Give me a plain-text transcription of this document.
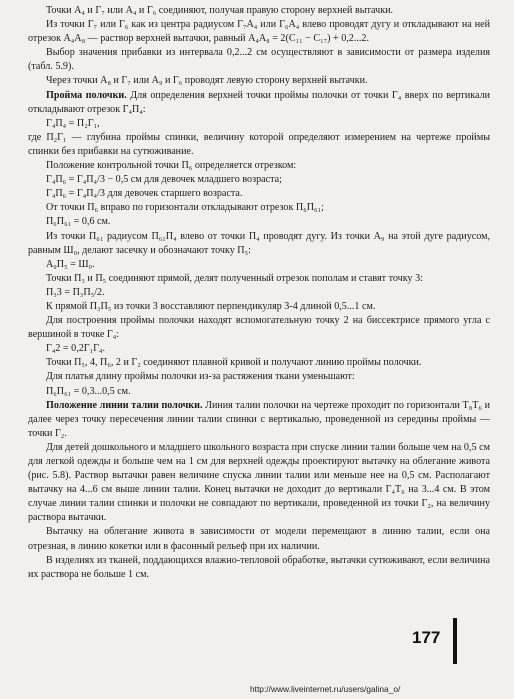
Точки A₄ и Г₇ или A₄ и Г₆ соединяют, получая правую сторону верхней вытачки.

Из точки Г₇ или Г₆ как из центра радиусом Г₇A₄ или Г₆A₄ влево проводят дугу и откладывают на ней отрезок A₄A₈ — раствор верхней вытачки, равный A₄A₈ = 2(C₁₁ − C₁₇) + 0,2...2.

Выбор значения прибавки из интервала 0,2...2 см осуществляют в зависимости от размера изделия (табл. 5.9).

Через точки A₈ и Г₇ или A₉ и Г₆ проводят левую сторону верхней вытачки.

Пройма полочки. Для определения верхней точки проймы полочки от точки Г₄ вверх по вертикали откладывают отрезок Г₄П₄:

Г₄П₄ = П₂Г₁,

где П₂Г₁ — глубина проймы спинки, величину которой определяют измерением на чертеже проймы спинки без прибавки на сутюживание.

Положение контрольной точки П₆ определяется отрезком:

Г₄П₆ = Г₄П₄/3 − 0,5 см для девочек младшего возраста;

Г₄П₆ = Г₄П₄/3 для девочек старшего возраста.

От точки П₆ вправо по горизонтали откладывают отрезок П₆П₆₁;

П₆П₆₁ = 0,6 см.

Из точки П₆₁ радиусом П₆₁П₄ влево от точки П₄ проводят дугу. Из точки A₉ на этой дуге радиусом, равным Ш₀, делают засечку и обозначают точку П₅:

A₉П₅ = Ш₀.

Точки П₃ и П₅ соединяют прямой, делят полученный отрезок пополам и ставят точку 3:

П₃3 = П₃П₅/2.

К прямой П₃П₅ из точки 3 восставляют перпендикуляр 3-4 длиной 0,5...1 см.

Для построения проймы полочки находят вспомогательную точку 2 на биссектрисе прямого угла с вершиной в точке Г₄:

Г₄2 = 0,2Г₁Г₄.

Точки П₅, 4, П₆, 2 и Г₂ соединяют плавной кривой и получают линию проймы полочки.

Для платья длину проймы полочки из-за растяжения ткани уменьшают:

П₆П₆₁ = 0,3...0,5 см.

Положение линии талии полочки. Линия талии полочки на чертеже проходит по горизонтали Т₈Т₆ и далее через точку пересечения линии талии спинки с вертикалью, проведенной из середины проймы — точки Г₂.

Для детей дошкольного и младшего школьного возраста при спуске линии талии больше чем на 0,5 см для легкой одежды и больше чем на 1 см для верхней одежды проектируют вытачку на облегание живота (рис. 5.8). Раствор вытачки равен величине спуска линии талии или меньше нее на 0,5 см. Располагают вытачку на 4...6 см выше линии талии. Конец вытачки не доходит до вертикали Г₄Т₆ на 3...4 см. В этом случае линии талии спинки и полочки не совпадают по вертикали, проведенной из точки Г₂, на величину раствора вытачки.

Вытачку на облегание живота в зависимости от модели перемещают в линию талии, если она отрезная, в линию кокетки или в фасонный рельеф при их наличии.

В изделиях из тканей, поддающихся влажно-тепловой обработке, вытачки сутюживают, если величина их раствора не больше 1 см.

177
http://www.liveinternet.ru/users/galina_o/
